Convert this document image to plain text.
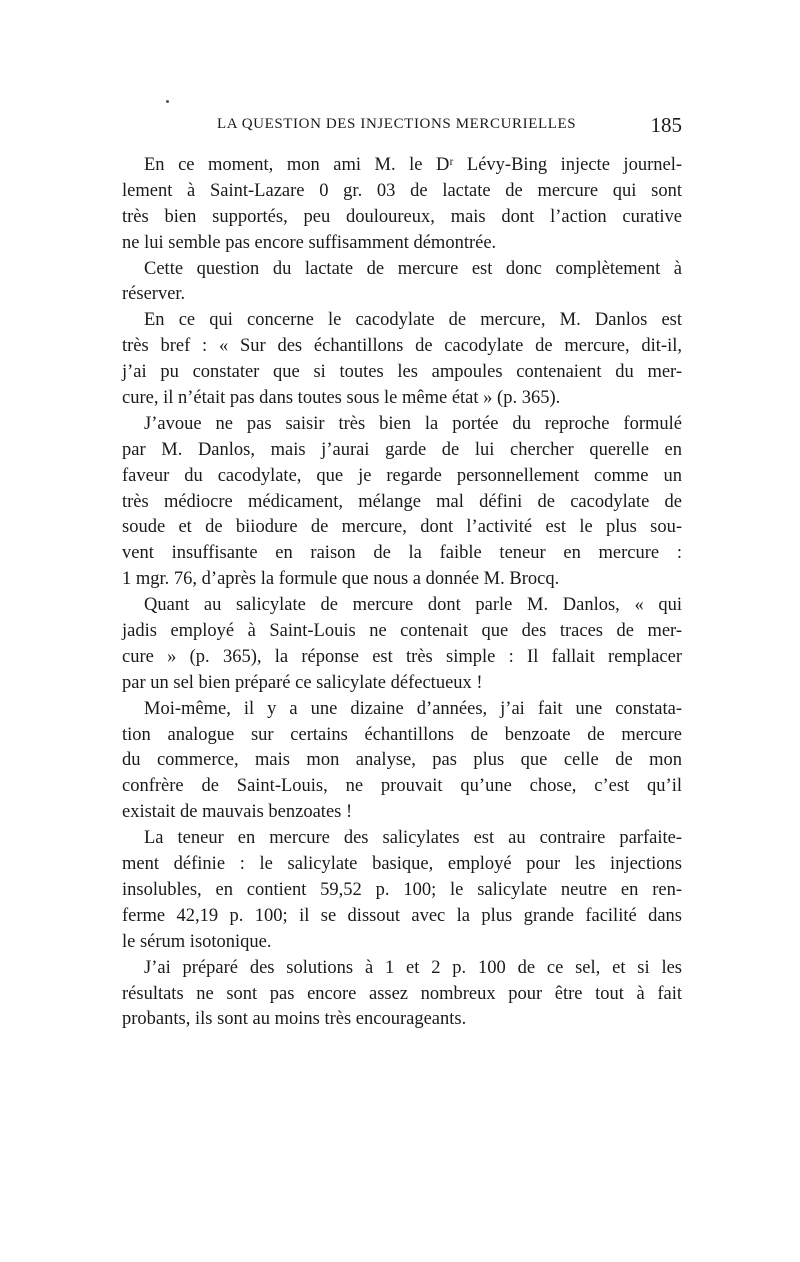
LA QUESTION DES INJECTIONS MERCURIELLES	185
En ce moment, mon ami M. le Dʳ Lévy-Bing injecte journel-
lement à Saint-Lazare 0 gr. 03 de lactate de mercure qui sont
très bien supportés, peu douloureux, mais dont l’action curative
ne lui semble pas encore suffisamment démontrée.
Cette question du lactate de mercure est donc complètement à
réserver.
En ce qui concerne le cacodylate de mercure, M. Danlos est
très bref : « Sur des échantillons de cacodylate de mercure, dit-il,
j’ai pu constater que si toutes les ampoules contenaient du mer-
cure, il n’était pas dans toutes sous le même état » (p. 365).
J’avoue ne pas saisir très bien la portée du reproche formulé
par M. Danlos, mais j’aurai garde de lui chercher querelle en
faveur du cacodylate, que je regarde personnellement comme un
très médiocre médicament, mélange mal défini de cacodylate de
soude et de biiodure de mercure, dont l’activité est le plus sou-
vent insuffisante en raison de la faible teneur en mercure :
1 mgr. 76, d’après la formule que nous a donnée M. Brocq.
Quant au salicylate de mercure dont parle M. Danlos, « qui
jadis employé à Saint-Louis ne contenait que des traces de mer-
cure » (p. 365), la réponse est très simple : Il fallait remplacer
par un sel bien préparé ce salicylate défectueux !
Moi-même, il y a une dizaine d’années, j’ai fait une constata-
tion analogue sur certains échantillons de benzoate de mercure
du commerce, mais mon analyse, pas plus que celle de mon
confrère de Saint-Louis, ne prouvait qu’une chose, c’est qu’il
existait de mauvais benzoates !
La teneur en mercure des salicylates est au contraire parfaite-
ment définie : le salicylate basique, employé pour les injections
insolubles, en contient 59,52 p. 100; le salicylate neutre en ren-
ferme 42,19 p. 100; il se dissout avec la plus grande facilité dans
le sérum isotonique.
J’ai préparé des solutions à 1 et 2 p. 100 de ce sel, et si les
résultats ne sont pas encore assez nombreux pour être tout à fait
probants, ils sont au moins très encourageants.
